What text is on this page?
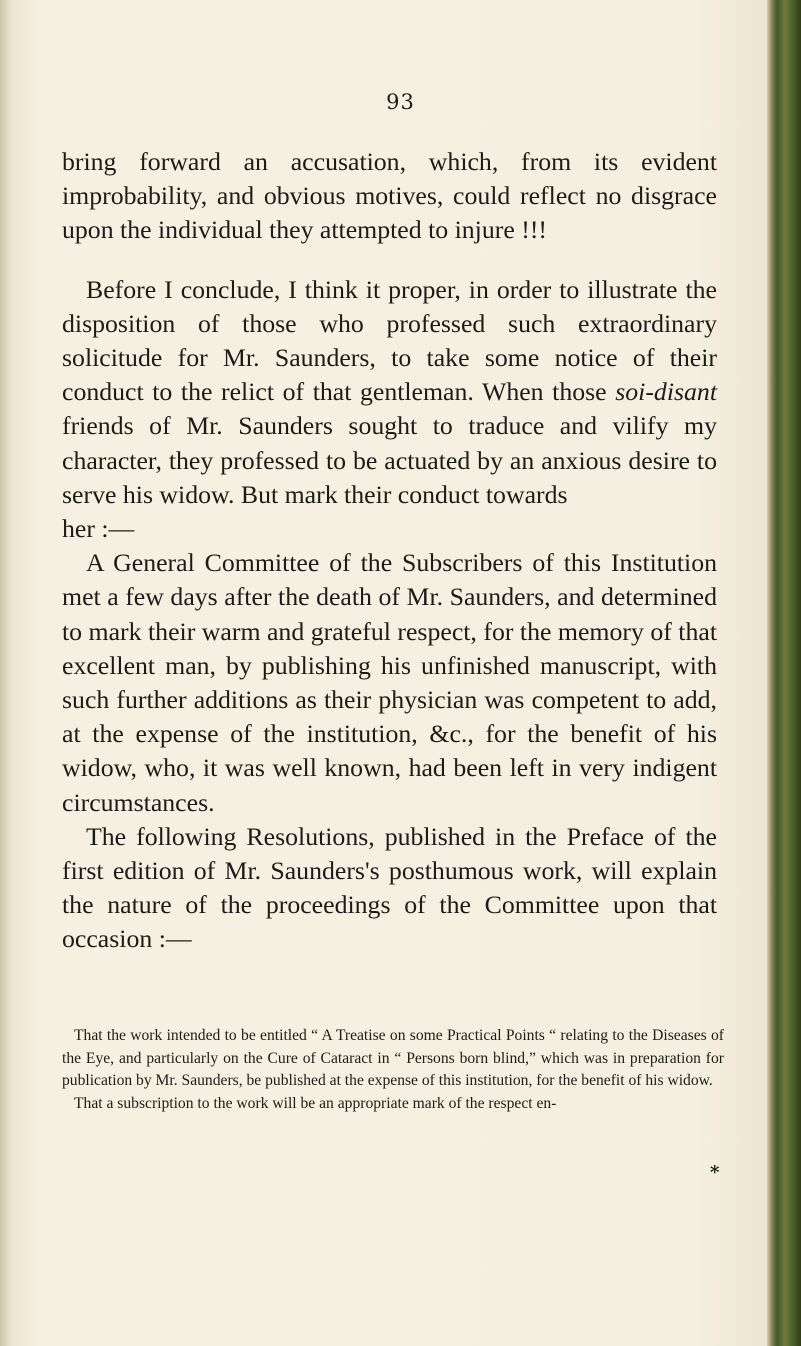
93

bring forward an accusation, which, from its evident improbability, and obvious motives, could reflect no disgrace upon the individual they attempted to injure !!!

Before I conclude, I think it proper, in order to illustrate the disposition of those who professed such extraordinary solicitude for Mr. Saunders, to take some notice of their conduct to the relict of that gentleman. When those soi-disant friends of Mr. Saunders sought to traduce and vilify my character, they professed to be actuated by an anxious desire to serve his widow. But mark their conduct towards

her :—

A General Committee of the Subscribers of this Institution met a few days after the death of Mr. Saunders, and determined to mark their warm and grateful respect, for the memory of that excellent man, by publishing his unfinished manuscript, with such further additions as their physician was competent to add, at the expense of the institution, &c., for the benefit of his widow, who, it was well known, had been left in very indigent circumstances.

The following Resolutions, published in the Preface of the first edition of Mr. Saunders's posthumous work, will explain the nature of the proceedings of the Committee upon that occasion :—

That the work intended to be entitled “ A Treatise on some Practical Points “ relating to the Diseases of the Eye, and particularly on the Cure of Cataract in “ Persons born blind,” which was in preparation for publication by Mr. Saunders, be published at the expense of this institution, for the benefit of his widow.

That a subscription to the work will be an appropriate mark of the respect en-

*
